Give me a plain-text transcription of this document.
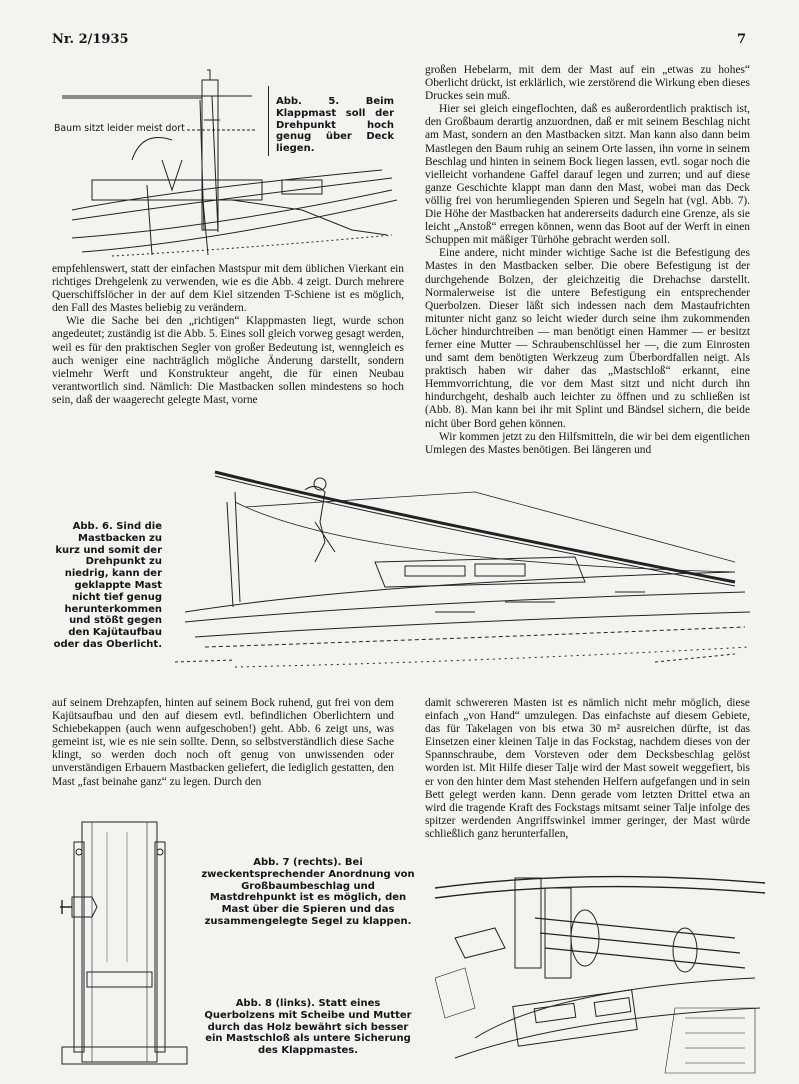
Nr. 2/1935	7
Baum sitzt leider meist dort
Abb. 5. Beim Klappmast soll der Drehpunkt hoch genug über Deck liegen.

empfehlenswert, statt der einfachen Mastspur mit dem üblichen Vierkant ein richtiges Drehgelenk zu verwenden, wie es die Abb. 4 zeigt. Durch mehrere Querschiffslöcher in der auf dem Kiel sitzenden T-Schiene ist es möglich, den Fall des Mastes beliebig zu verändern.

Wie die Sache bei den „richtigen“ Klappmasten liegt, wurde schon angedeutet; zuständig ist die Abb. 5. Eines soll gleich vorweg gesagt werden, weil es für den praktischen Segler von großer Bedeutung ist, wenngleich es auch weniger eine nachträglich mögliche Änderung darstellt, sondern vielmehr Werft und Konstrukteur angeht, die für einen Neubau verantwortlich sind. Nämlich: Die Mastbacken sollen mindestens so hoch sein, daß der waagerecht gelegte Mast, vorne

großen Hebelarm, mit dem der Mast auf ein „etwas zu hohes“ Oberlicht drückt, ist erklärlich, wie zerstörend die Wirkung eben dieses Druckes sein muß.

Hier sei gleich eingeflochten, daß es außerordentlich praktisch ist, den Großbaum derartig anzuordnen, daß er mit seinem Beschlag nicht am Mast, sondern an den Mastbacken sitzt. Man kann also dann beim Mastlegen den Baum ruhig an seinem Orte lassen, ihn vorne in seinem Beschlag und hinten in seinem Bock liegen lassen, evtl. sogar noch die vielleicht vorhandene Gaffel darauf legen und zurren; und auf diese ganze Geschichte klappt man dann den Mast, wobei man das Deck völlig frei von herumliegenden Spieren und Segeln hat (vgl. Abb. 7). Die Höhe der Mastbacken hat andererseits dadurch eine Grenze, als sie leicht „Anstoß“ erregen können, wenn das Boot auf der Werft in einen Schuppen mit mäßiger Türhöhe gebracht werden soll.

Eine andere, nicht minder wichtige Sache ist die Befestigung des Mastes in den Mastbacken selber. Die obere Befestigung ist der durchgehende Bolzen, der gleichzeitig die Drehachse darstellt. Normalerweise ist die untere Befestigung ein entsprechender Querbolzen. Dieser läßt sich indessen nach dem Mastaufrichten mitunter nicht ganz so leicht wieder durch seine ihm zukommenden Löcher hindurchtreiben — man benötigt einen Hammer — er besitzt ferner eine Mutter — Schraubenschlüssel her —, die zum Einrosten und samt dem benötigten Werkzeug zum Überbordfallen neigt. Als praktisch haben wir daher das „Mastschloß“ erkannt, eine Hemmvorrichtung, die vor dem Mast sitzt und nicht durch ihn hindurchgeht, deshalb auch leichter zu öffnen und zu schließen ist (Abb. 8). Man kann bei ihr mit Splint und Bändsel sichern, die beide nicht über Bord gehen können.

Wir kommen jetzt zu den Hilfsmitteln, die wir bei dem eigentlichen Umlegen des Mastes benötigen. Bei längeren und

Abb. 6. Sind die Mastbacken zu kurz und somit der Drehpunkt zu niedrig, kann der geklappte Mast nicht tief genug herunterkommen und stößt gegen den Kajütaufbau oder das Oberlicht.

auf seinem Drehzapfen, hinten auf seinem Bock ruhend, gut frei von dem Kajütsaufbau und den auf diesem evtl. befindlichen Oberlichtern und Schiebekappen (auch wenn aufgeschoben!) geht. Abb. 6 zeigt uns, was gemeint ist, wie es nie sein sollte. Denn, so selbstverständlich diese Sache klingt, so werden doch noch oft genug von unwissenden oder unverständigen Erbauern Mastbacken geliefert, die lediglich gestatten, den Mast „fast beinahe ganz“ zu legen. Durch den

damit schwereren Masten ist es nämlich nicht mehr möglich, diese einfach „von Hand“ umzulegen. Das einfachste auf diesem Gebiete, das für Takelagen von bis etwa 30 m² ausreichen dürfte, ist das Einsetzen einer kleinen Talje in das Fockstag, nachdem dieses von der Spannschraube, dem Vorsteven oder dem Decksbeschlag gelöst worden ist. Mit Hilfe dieser Talje wird der Mast soweit weggefiert, bis er von den hinter dem Mast stehenden Helfern aufgefangen und in sein Bett gelegt werden kann. Denn gerade vom letzten Drittel etwa an wird die tragende Kraft des Fockstags mitsamt seiner Talje infolge des spitzer werdenden Angriffswinkel immer geringer, der Mast würde schließlich ganz herunterfallen,

Abb. 7 (rechts). Bei zweckentsprechender Anordnung von Großbaumbeschlag und Mastdrehpunkt ist es möglich, den Mast über die Spieren und das zusammengelegte Segel zu klappen.
Abb. 8 (links). Statt eines Querbolzens mit Scheibe und Mutter durch das Holz bewährt sich besser ein Mastschloß als untere Sicherung des Klappmastes.
